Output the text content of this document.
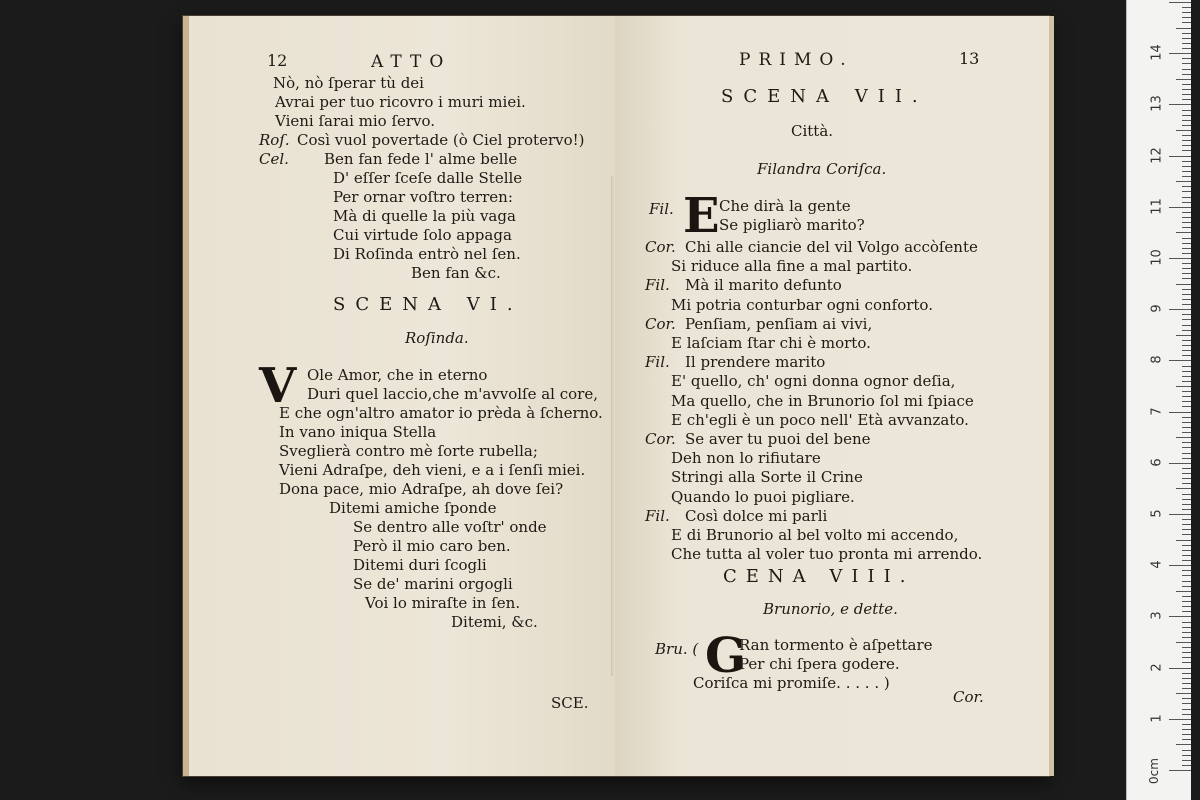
12	ATTO
Nò, nò ſperar tù dei
Avrai per tuo ricovro i muri miei.
Vieni ſarai mio ſervo.
Roſ. Così vuol povertade (ò Ciel protervo!)
Cel. Ben fan fede l' alme belle
D' eſſer ſceſe dalle Stelle
Per ornar voſtro terren:
Mà di quelle la più vaga
Cui virtude ſolo appaga
Di Roſinda entrò nel ſen.
Ben fan &c.
SCENA VI.
Roſinda.
V Ole Amor, che in eterno
Duri quel laccio,che m'avvolſe al core,
E che ogn'altro amator io prèda à ſcherno.
In vano iniqua Stella
Sveglierà contro mè ſorte rubella;
Vieni Adraſpe, deh vieni, e a i ſenſi miei.
Dona pace, mio Adraſpe, ah dove ſei?
Ditemi amiche ſponde
Se dentro alle voſtr' onde
Però il mio caro ben.
Ditemi duri ſcogli
Se de' marini orgogli
Voi lo miraſte in ſen.
Ditemi, &c.
SCE.
PRIMO.	13
SCENA VII.
Città.
Filandra Coriſca.
Fil. E Che dirà la gente
Se pigliarò marito?
Cor. Chi alle ciancie del vil Volgo accòſente
Si riduce alla fine a mal partito.
Fil. Mà il marito defunto
Mi potria conturbar ogni conforto.
Cor. Penſiam, penſiam ai vivi,
E laſciam ſtar chi è morto.
Fil. Il prendere marito
E' quello, ch' ogni donna ognor deſia,
Ma quello, che in Brunorio ſol mi ſpiace
E ch'egli è un poco nell' Età avvanzato.
Cor. Se aver tu puoi del bene
Deh non lo rifiutare
Stringi alla Sorte il Crine
Quando lo puoi pigliare.
Fil. Così dolce mi parli
E di Brunorio al bel volto mi accendo,
Che tutta al voler tuo pronta mi arrendo.
CENA VIII.
Brunorio, e dette.
Bru. ( G
Ran tormento è aſpettare
Per chi ſpera godere.
Coriſca mi promiſe. . . . . )
Cor.
1
2
3
4
5
6
7
8
9
10
11
12
13
14
0cm
